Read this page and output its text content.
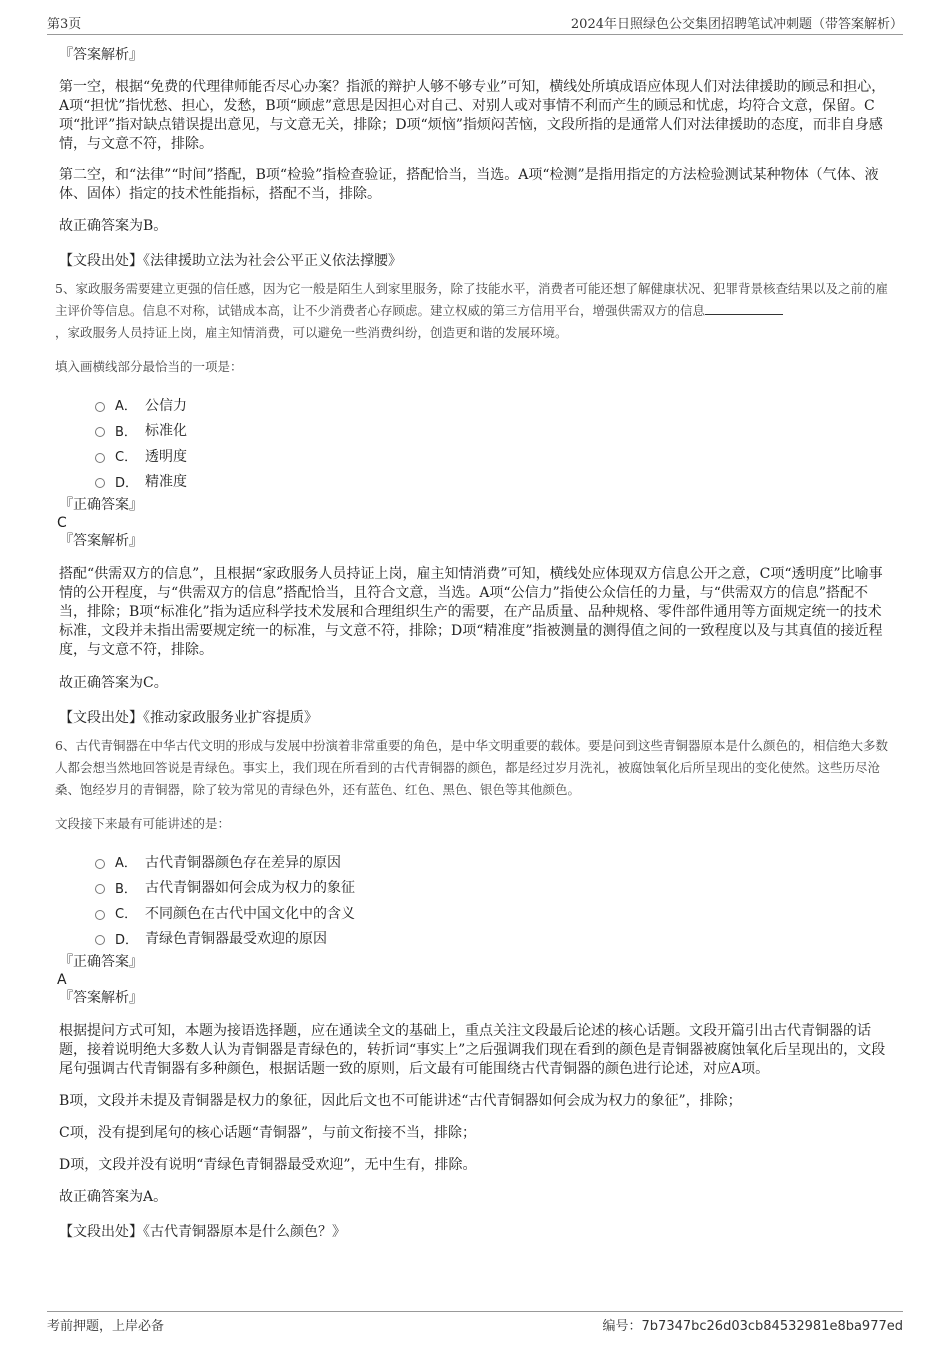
第3页	2024年日照绿色公交集团招聘笔试冲刺题（带答案解析）

『答案解析』

第一空，根据“免费的代理律师能否尽心办案？指派的辩护人够不够专业”可知，横线处所填成语应体现人们对法律援助的顾忌和担心，A项“担忧”指忧愁、担心，发愁，B项“顾虑”意思是因担心对自己、对别人或对事情不利而产生的顾忌和忧虑，均符合文意，保留。C项“批评”指对缺点错误提出意见，与文意无关，排除；D项“烦恼”指烦闷苦恼，文段所指的是通常人们对法律援助的态度，而非自身感情，与文意不符，排除。

第二空，和“法律”“时间”搭配，B项“检验”指检查验证，搭配恰当，当选。A项“检测”是指用指定的方法检验测试某种物体（气体、液体、固体）指定的技术性能指标，搭配不当，排除。

故正确答案为B。

【文段出处】《法律援助立法为社会公平正义依法撑腰》

5、家政服务需要建立更强的信任感，因为它一般是陌生人到家里服务，除了技能水平，消费者可能还想了解健康状况、犯罪背景核查结果以及之前的雇主评价等信息。信息不对称，试错成本高，让不少消费者心存顾虑。建立权威的第三方信用平台，增强供需双方的信息
，家政服务人员持证上岗，雇主知情消费，可以避免一些消费纠纷，创造更和谐的发展环境。

填入画横线部分最恰当的一项是：

A． 公信力
B． 标准化
C． 透明度
D． 精准度

『正确答案』

C

『答案解析』

搭配“供需双方的信息”，且根据“家政服务人员持证上岗，雇主知情消费”可知，横线处应体现双方信息公开之意，C项“透明度”比喻事情的公开程度，与“供需双方的信息”搭配恰当，且符合文意，当选。A项“公信力”指使公众信任的力量，与“供需双方的信息”搭配不当，排除；B项“标准化”指为适应科学技术发展和合理组织生产的需要，在产品质量、品种规格、零件部件通用等方面规定统一的技术标准，文段并未指出需要规定统一的标准，与文意不符，排除；D项“精准度”指被测量的测得值之间的一致程度以及与其真值的接近程度，与文意不符，排除。

故正确答案为C。

【文段出处】《推动家政服务业扩容提质》

6、古代青铜器在中华古代文明的形成与发展中扮演着非常重要的角色，是中华文明重要的载体。要是问到这些青铜器原本是什么颜色的，相信绝大多数人都会想当然地回答说是青绿色。事实上，我们现在所看到的古代青铜器的颜色，都是经过岁月洗礼，被腐蚀氧化后所呈现出的变化使然。这些历尽沧桑、饱经岁月的青铜器，除了较为常见的青绿色外，还有蓝色、红色、黑色、银色等其他颜色。

文段接下来最有可能讲述的是：

A． 古代青铜器颜色存在差异的原因
B． 古代青铜器如何会成为权力的象征
C． 不同颜色在古代中国文化中的含义
D． 青绿色青铜器最受欢迎的原因

『正确答案』

A

『答案解析』

根据提问方式可知，本题为接语选择题，应在通读全文的基础上，重点关注文段最后论述的核心话题。文段开篇引出古代青铜器的话题，接着说明绝大多数人认为青铜器是青绿色的，转折词“事实上”之后强调我们现在看到的颜色是青铜器被腐蚀氧化后呈现出的，文段尾句强调古代青铜器有多种颜色，根据话题一致的原则，后文最有可能围绕古代青铜器的颜色进行论述，对应A项。

B项，文段并未提及青铜器是权力的象征，因此后文也不可能讲述“古代青铜器如何会成为权力的象征”，排除；

C项，没有提到尾句的核心话题“青铜器”，与前文衔接不当，排除；

D项，文段并没有说明“青绿色青铜器最受欢迎”，无中生有，排除。

故正确答案为A。

【文段出处】《古代青铜器原本是什么颜色？》

考前押题，上岸必备	编号：7b7347bc26d03cb84532981e8ba977ed
